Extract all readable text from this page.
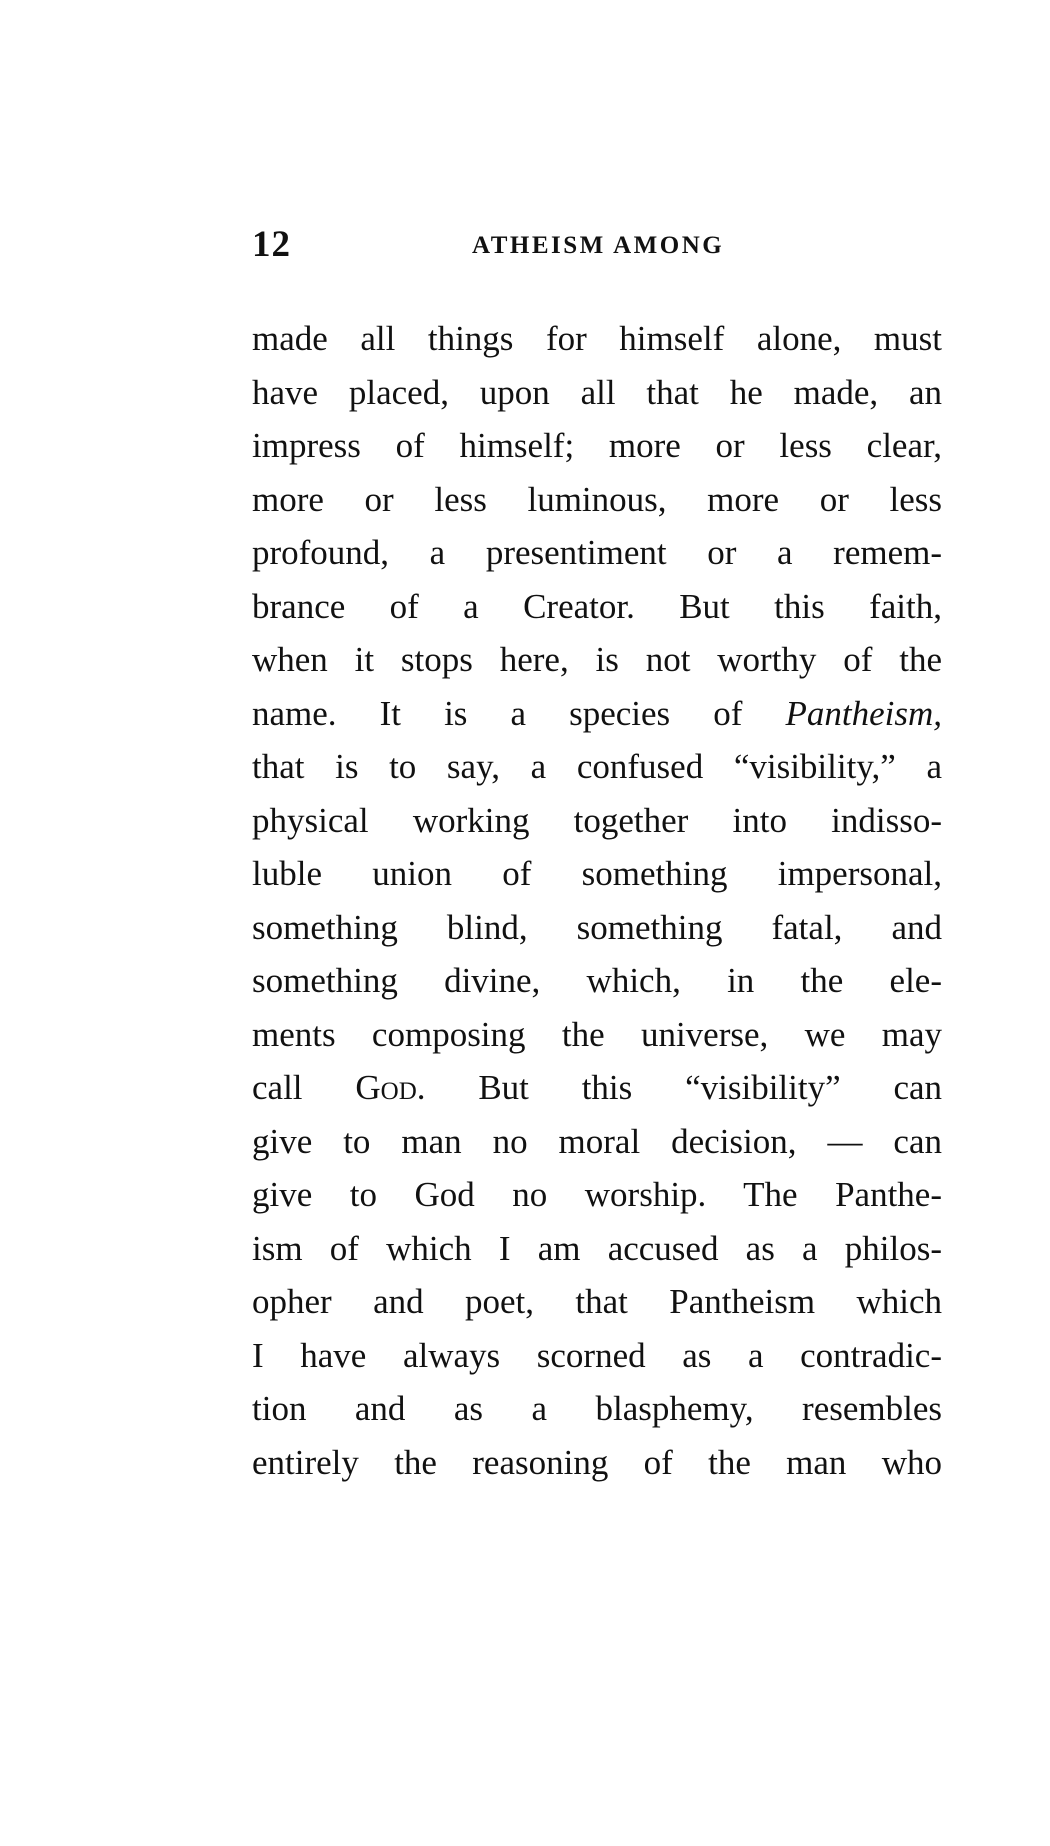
12	ATHEISM AMONG
made all things for himself alone, must
have placed, upon all that he made, an
impress of himself; more or less clear,
more or less luminous, more or less
profound, a presentiment or a remem-
brance of a Creator. But this faith,
when it stops here, is not worthy of the
name. It is a species of Pantheism,
that is to say, a confused “visibility,” a
physical working together into indisso-
luble union of something impersonal,
something blind, something fatal, and
something divine, which, in the ele-
ments composing the universe, we may
call God. But this “visibility” can
give to man no moral decision, — can
give to God no worship. The Panthe-
ism of which I am accused as a philos-
opher and poet, that Pantheism which
I have always scorned as a contradic-
tion and as a blasphemy, resembles
entirely the reasoning of the man who
